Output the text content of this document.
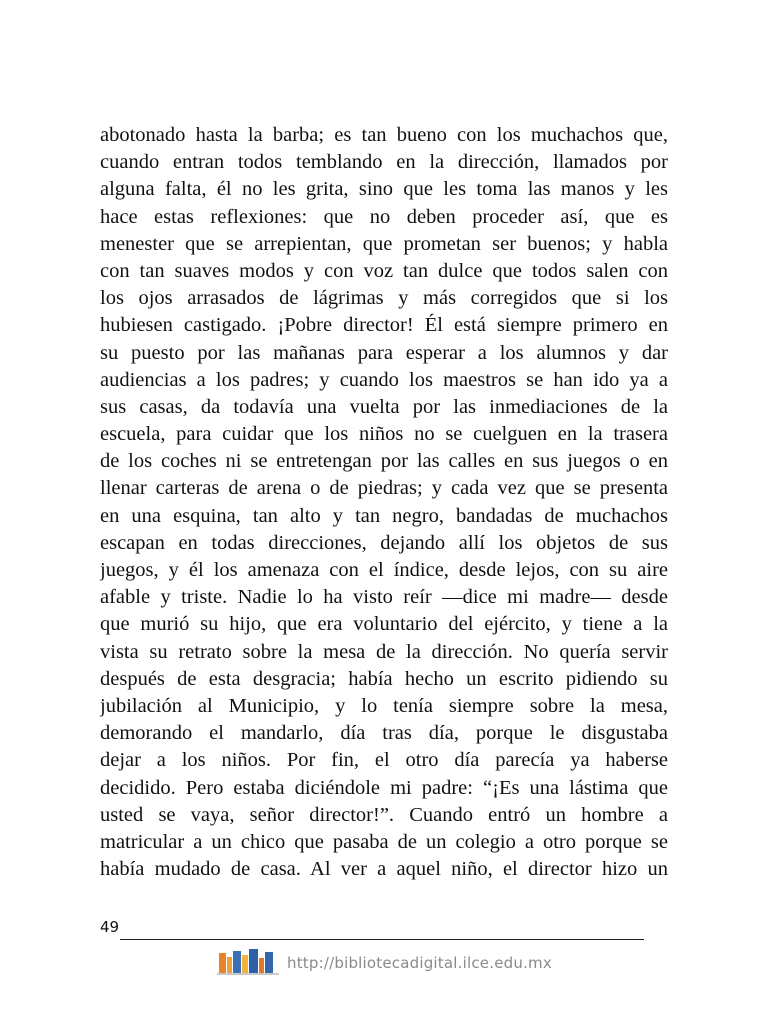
abotonado hasta la barba; es tan bueno con los muchachos que,
cuando entran todos temblando en la dirección, llamados por
alguna falta, él no les grita, sino que les toma las manos y les
hace estas reflexiones: que no deben proceder así, que es
menester que se arrepientan, que prometan ser buenos; y habla
con tan suaves modos y con voz tan dulce que todos salen con
los ojos arrasados de lágrimas y más corregidos que si los
hubiesen castigado. ¡Pobre director! Él está siempre primero en
su puesto por las mañanas para esperar a los alumnos y dar
audiencias a los padres; y cuando los maestros se han ido ya a
sus casas, da todavía una vuelta por las inmediaciones de la
escuela, para cuidar que los niños no se cuelguen en la trasera
de los coches ni se entretengan por las calles en sus juegos o en
llenar carteras de arena o de piedras; y cada vez que se presenta
en una esquina, tan alto y tan negro, bandadas de muchachos
escapan en todas direcciones, dejando allí los objetos de sus
juegos, y él los amenaza con el índice, desde lejos, con su aire
afable y triste. Nadie lo ha visto reír —dice mi madre— desde
que murió su hijo, que era voluntario del ejército, y tiene a la
vista su retrato sobre la mesa de la dirección. No quería servir
después de esta desgracia; había hecho un escrito pidiendo su
jubilación al Municipio, y lo tenía siempre sobre la mesa,
demorando el mandarlo, día tras día, porque le disgustaba
dejar a los niños. Por fin, el otro día parecía ya haberse
decidido. Pero estaba diciéndole mi padre: “¡Es una lástima que
usted se vaya, señor director!”. Cuando entró un hombre a
matricular a un chico que pasaba de un colegio a otro porque se
había mudado de casa. Al ver a aquel niño, el director hizo un
49
http://bibliotecadigital.ilce.edu.mx
